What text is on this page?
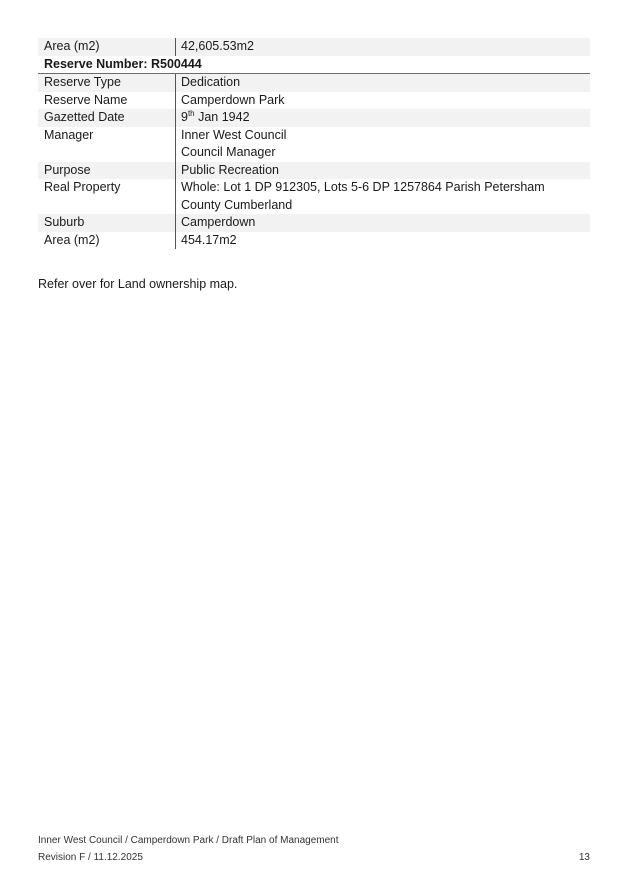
Area (m2)	42,605.53m2
Reserve Number: R500444
Reserve Type	Dedication
Reserve Name	Camperdown Park
Gazetted Date	9th Jan 1942
Manager	Inner West Council
Council Manager
Purpose	Public Recreation
Real Property	Whole: Lot 1 DP 912305, Lots 5-6 DP 1257864 Parish Petersham
County Cumberland
Suburb	Camperdown
Area (m2)	454.17m2
Refer over for Land ownership map.
Inner West Council / Camperdown Park / Draft Plan of Management
Revision F / 11.12.2025	13
